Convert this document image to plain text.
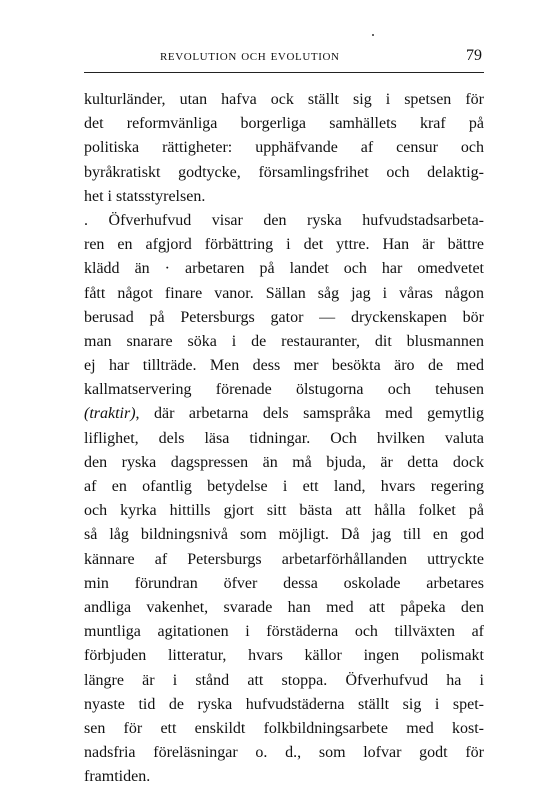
REVOLUTION OCH EVOLUTION	79
kulturländer, utan hafva ock ställt sig i spetsen för
det reformvänliga borgerliga samhällets kraf på
politiska rättigheter: upphäfvande af censur och
byråkratiskt godtycke, församlingsfrihet och delaktig-
het i statsstyrelsen.
. Öfverhufvud visar den ryska hufvudstadsarbeta-
ren en afgjord förbättring i det yttre. Han är bättre
klädd än · arbetaren på landet och har omedvetet
fått något finare vanor. Sällan såg jag i våras någon
berusad på Petersburgs gator — dryckenskapen bör
man snarare söka i de restauranter, dit blusmannen
ej har tillträde. Men dess mer besökta äro de med
kallmatservering förenade ölstugorna och tehusen
(traktir), där arbetarna dels samspråka med gemytlig
liflighet, dels läsa tidningar. Och hvilken valuta
den ryska dagspressen än må bjuda, är detta dock
af en ofantlig betydelse i ett land, hvars regering
och kyrka hittills gjort sitt bästa att hålla folket på
så låg bildningsnivå som möjligt. Då jag till en god
kännare af Petersburgs arbetarförhållanden uttryckte
min förundran öfver dessa oskolade arbetares
andliga vakenhet, svarade han med att påpeka den
muntliga agitationen i förstäderna och tillväxten af
förbjuden litteratur, hvars källor ingen polismakt
längre är i stånd att stoppa. Öfverhufvud ha i
nyaste tid de ryska hufvudstäderna ställt sig i spet-
sen för ett enskildt folkbildningsarbete med kost-
nadsfria föreläsningar o. d., som lofvar godt för
framtiden.
